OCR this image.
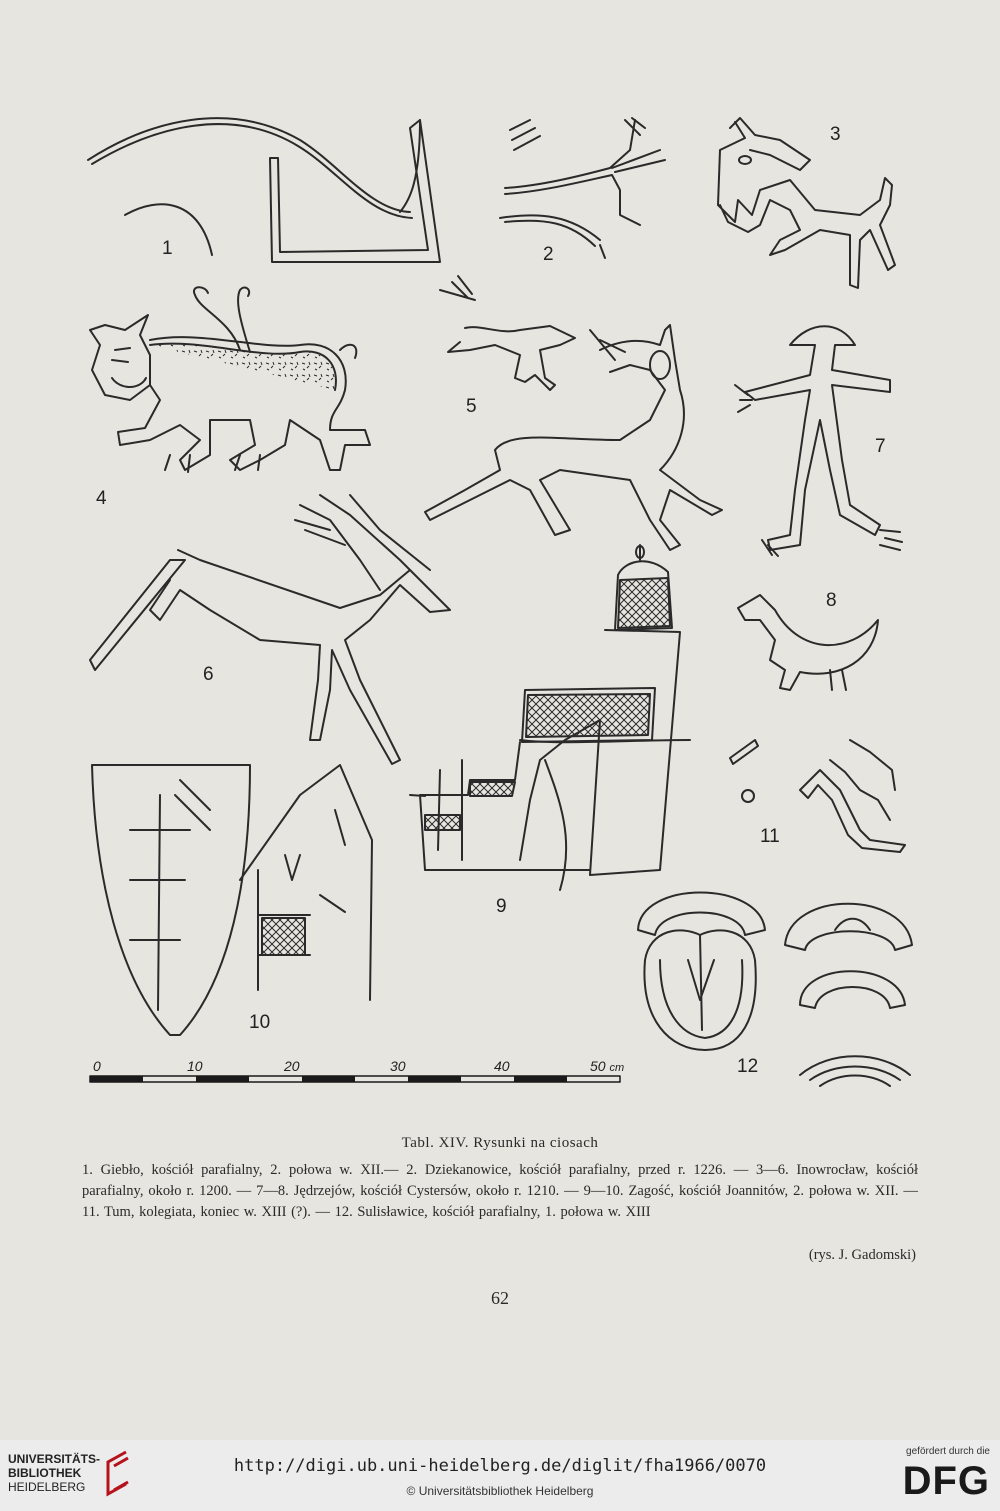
1	2
3
4
5
6
7
8
9
10
11
12
0	10	20	30	40	50 cm
Tabl. XIV. Rysunki na ciosach
1. Giebło, kościół parafialny, 2. połowa w. XII.— 2. Dziekanowice, kościół parafialny, przed r. 1226. — 3—6. Inowrocław, kościół parafialny, około r. 1200. — 7—8. Jędrzejów, kościół Cystersów, około r. 1210. — 9—10. Zagość, kościół Joannitów, 2. połowa w. XII. — 11. Tum, kolegiata, koniec w. XIII (?). — 12. Sulisławice, kościół parafialny, 1. połowa w. XIII
(rys. J. Gadomski)
62
UNIVERSITÄTS-
BIBLIOTHEK
HEIDELBERG
http://digi.ub.uni-heidelberg.de/diglit/fha1966/0070
© Universitätsbibliothek Heidelberg
gefördert durch die
DFG
